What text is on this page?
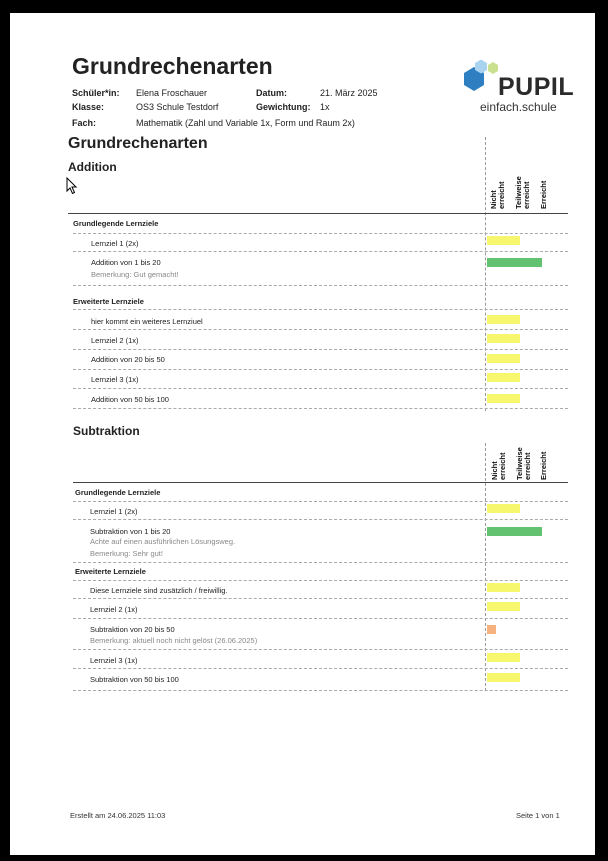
Grundrechenarten
Schüler*in: Elena Froschauer	Datum:	21. März 2025
Klasse:	OS3 Schule Testdorf	Gewichtung: 1x
Fach:	Mathematik (Zahl und Variable 1x, Form und Raum 2x)
PUPIL
einfach.schule
Grundrechenarten
Addition
Nicht erreicht Teilweise erreicht Erreicht
Grundlegende Lernziele
Lernziel 1 (2x)
Addition von 1 bis 20
Bemerkung: Gut gemacht!
Erweiterte Lernziele
hier kommt ein weiteres Lernziuel
Lernziel 2 (1x)
Addition von 20 bis 50
Lernziel 3 (1x)
Addition von 50 bis 100
Subtraktion
Nicht erreicht Teilweise erreicht Erreicht
Grundlegende Lernziele
Lernziel 1 (2x)
Subtraktion von 1 bis 20
Achte auf einen ausführlichen Lösungsweg.
Bemerkung: Sehr gut!
Erweiterte Lernziele
Diese Lernziele sind zusätzlich / freiwillig.
Lernziel 2 (1x)
Subtraktion von 20 bis 50
Bemerkung: aktuell noch nicht gelöst (26.06.2025)
Lernziel 3 (1x)
Subtraktion von 50 bis 100
Erstellt am 24.06.2025 11:03	Seite 1 von 1
